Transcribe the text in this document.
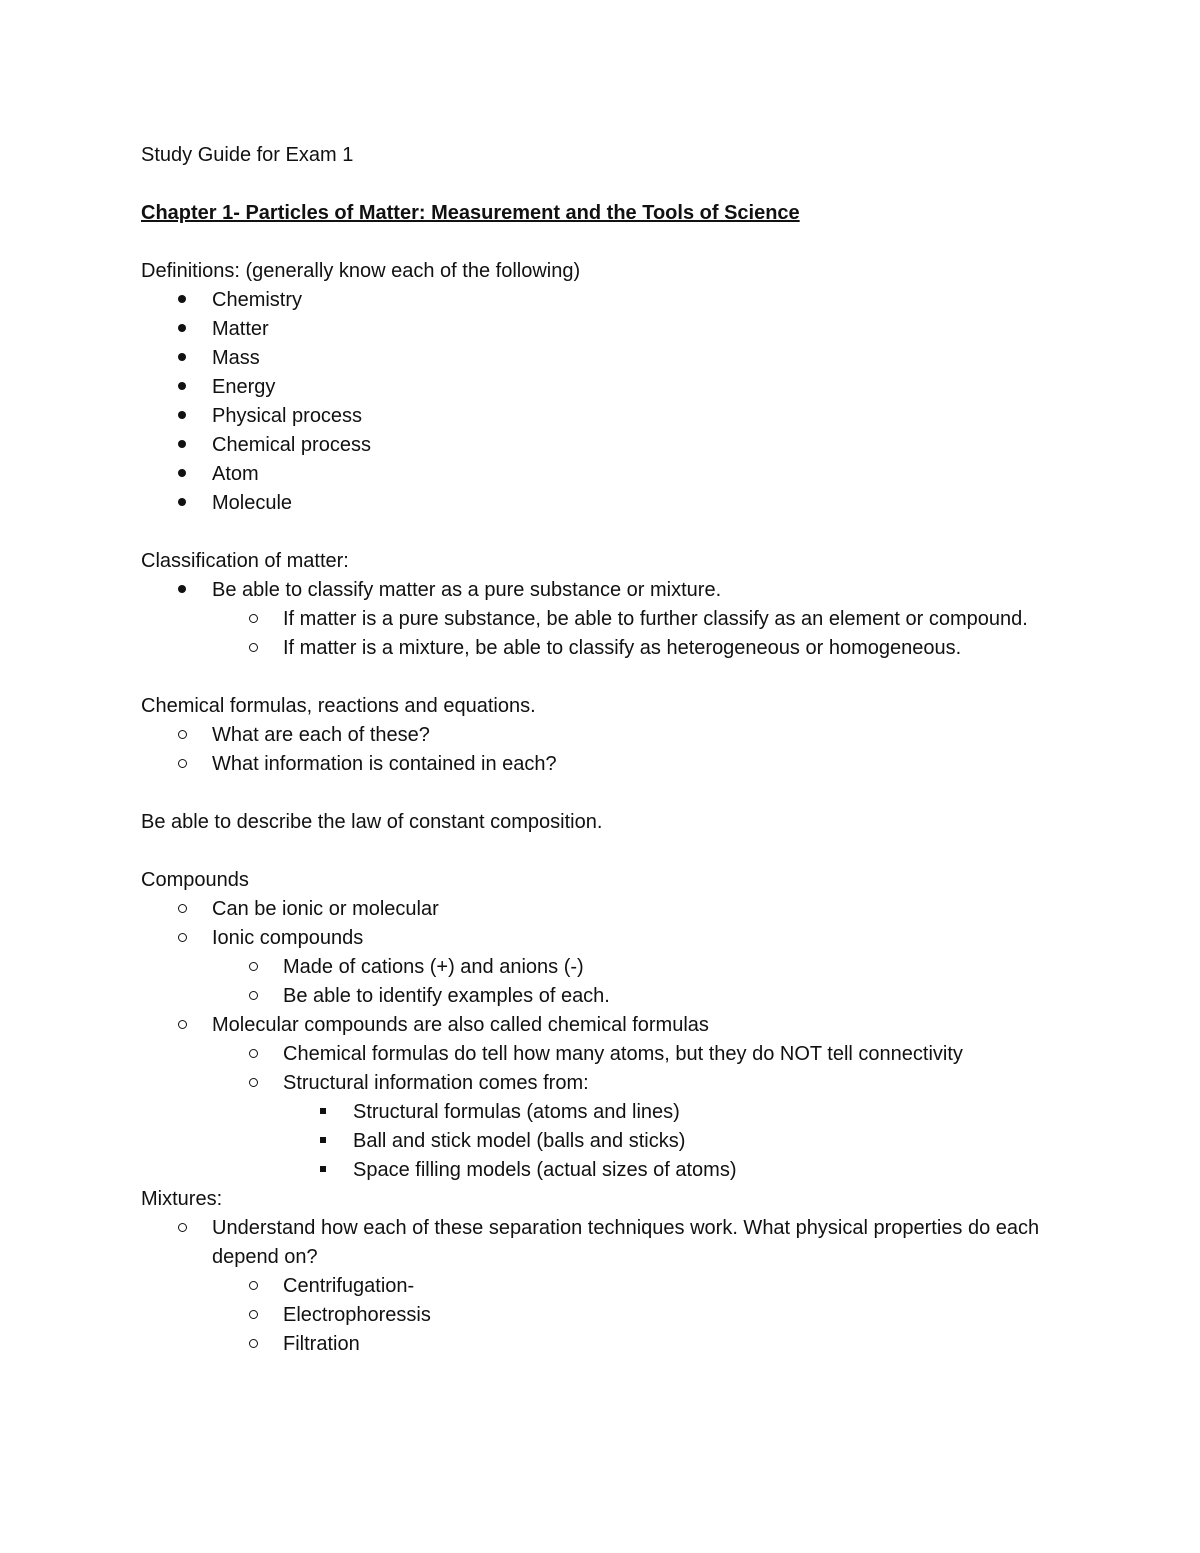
Study Guide for Exam 1

Chapter 1- Particles of Matter: Measurement and the Tools of Science

Definitions: (generally know each of the following)

Chemistry
Matter
Mass
Energy
Physical process
Chemical process
Atom
Molecule

Classification of matter:

Be able to classify matter as a pure substance or mixture.
If matter is a pure substance, be able to further classify as an element or compound.
If matter is a mixture, be able to classify as heterogeneous or homogeneous.

Chemical formulas, reactions and equations.

What are each of these?
What information is contained in each?

Be able to describe the law of constant composition.

Compounds

Can be ionic or molecular
Ionic compounds
Made of cations (+) and anions (-)
Be able to identify examples of each.
Molecular compounds are also called chemical formulas
Chemical formulas do tell how many atoms, but they do NOT tell connectivity
Structural information comes from:
Structural formulas (atoms and lines)
Ball and stick model (balls and sticks)
Space filling models (actual sizes of atoms)

Mixtures:

Understand how each of these separation techniques work. What physical properties do each depend on?
Centrifugation-
Electrophoressis
Filtration
